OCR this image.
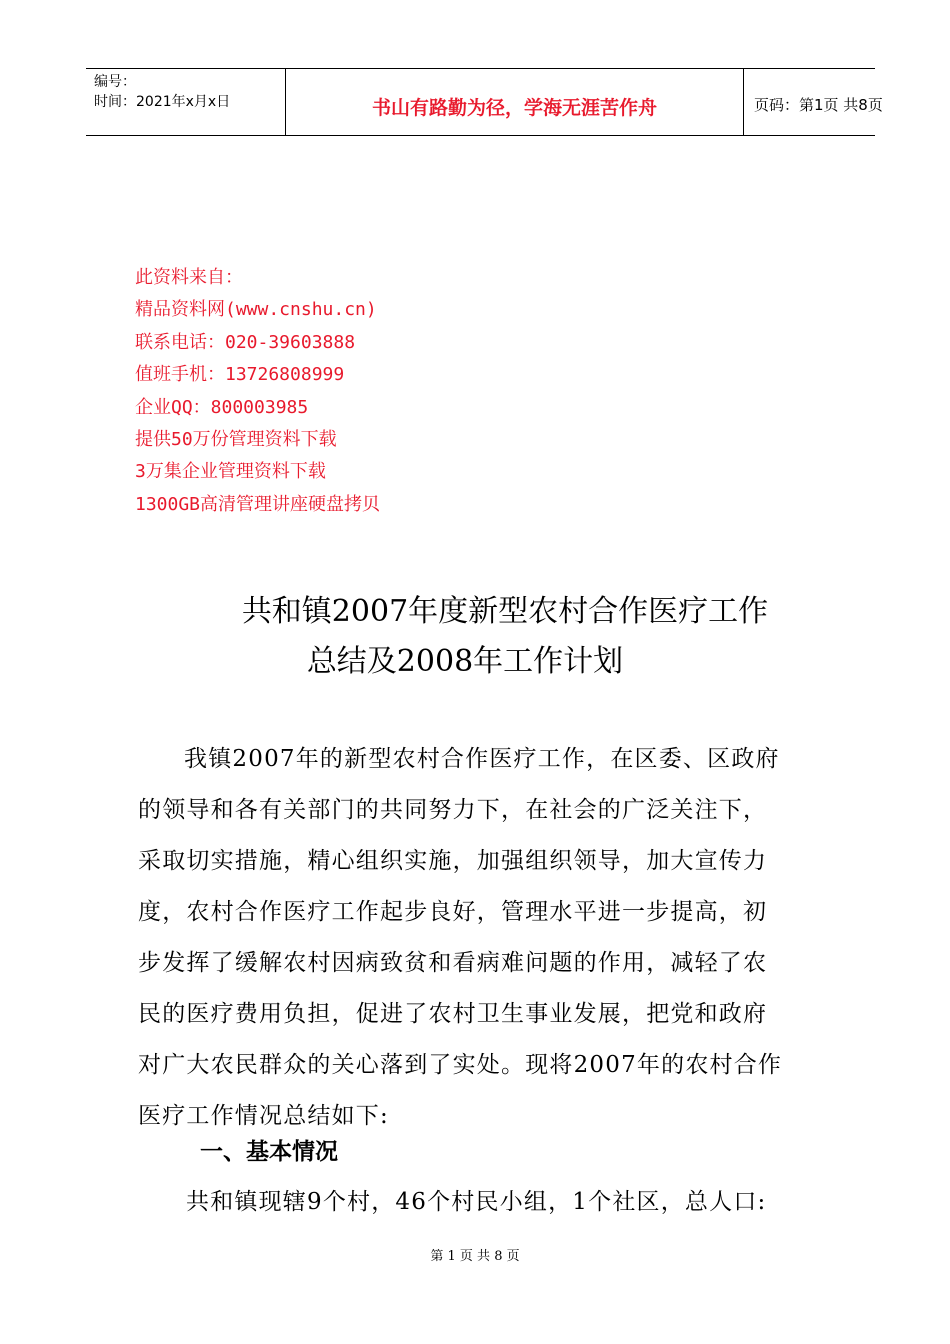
编号：
时间：2021年x月x日	书山有路勤为径，学海无涯苦作舟	页码：第1页 共8页
此资料来自：
精品资料网(www.cnshu.cn)
联系电话：020-39603888
值班手机：13726808999
企业QQ：800003985
提供50万份管理资料下载
3万集企业管理资料下载
1300GB高清管理讲座硬盘拷贝
共和镇2007年度新型农村合作医疗工作
总结及2008年工作计划
我镇2007年的新型农村合作医疗工作，在区委、区政府
的领导和各有关部门的共同努力下，在社会的广泛关注下，
采取切实措施，精心组织实施，加强组织领导，加大宣传力
度，农村合作医疗工作起步良好，管理水平进一步提高，初
步发挥了缓解农村因病致贫和看病难问题的作用，减轻了农
民的医疗费用负担，促进了农村卫生事业发展，把党和政府
对广大农民群众的关心落到了实处。现将2007年的农村合作
医疗工作情况总结如下:
一、基本情况
共和镇现辖9个村，46个村民小组，1个社区，总人口:
第 1 页 共 8 页
